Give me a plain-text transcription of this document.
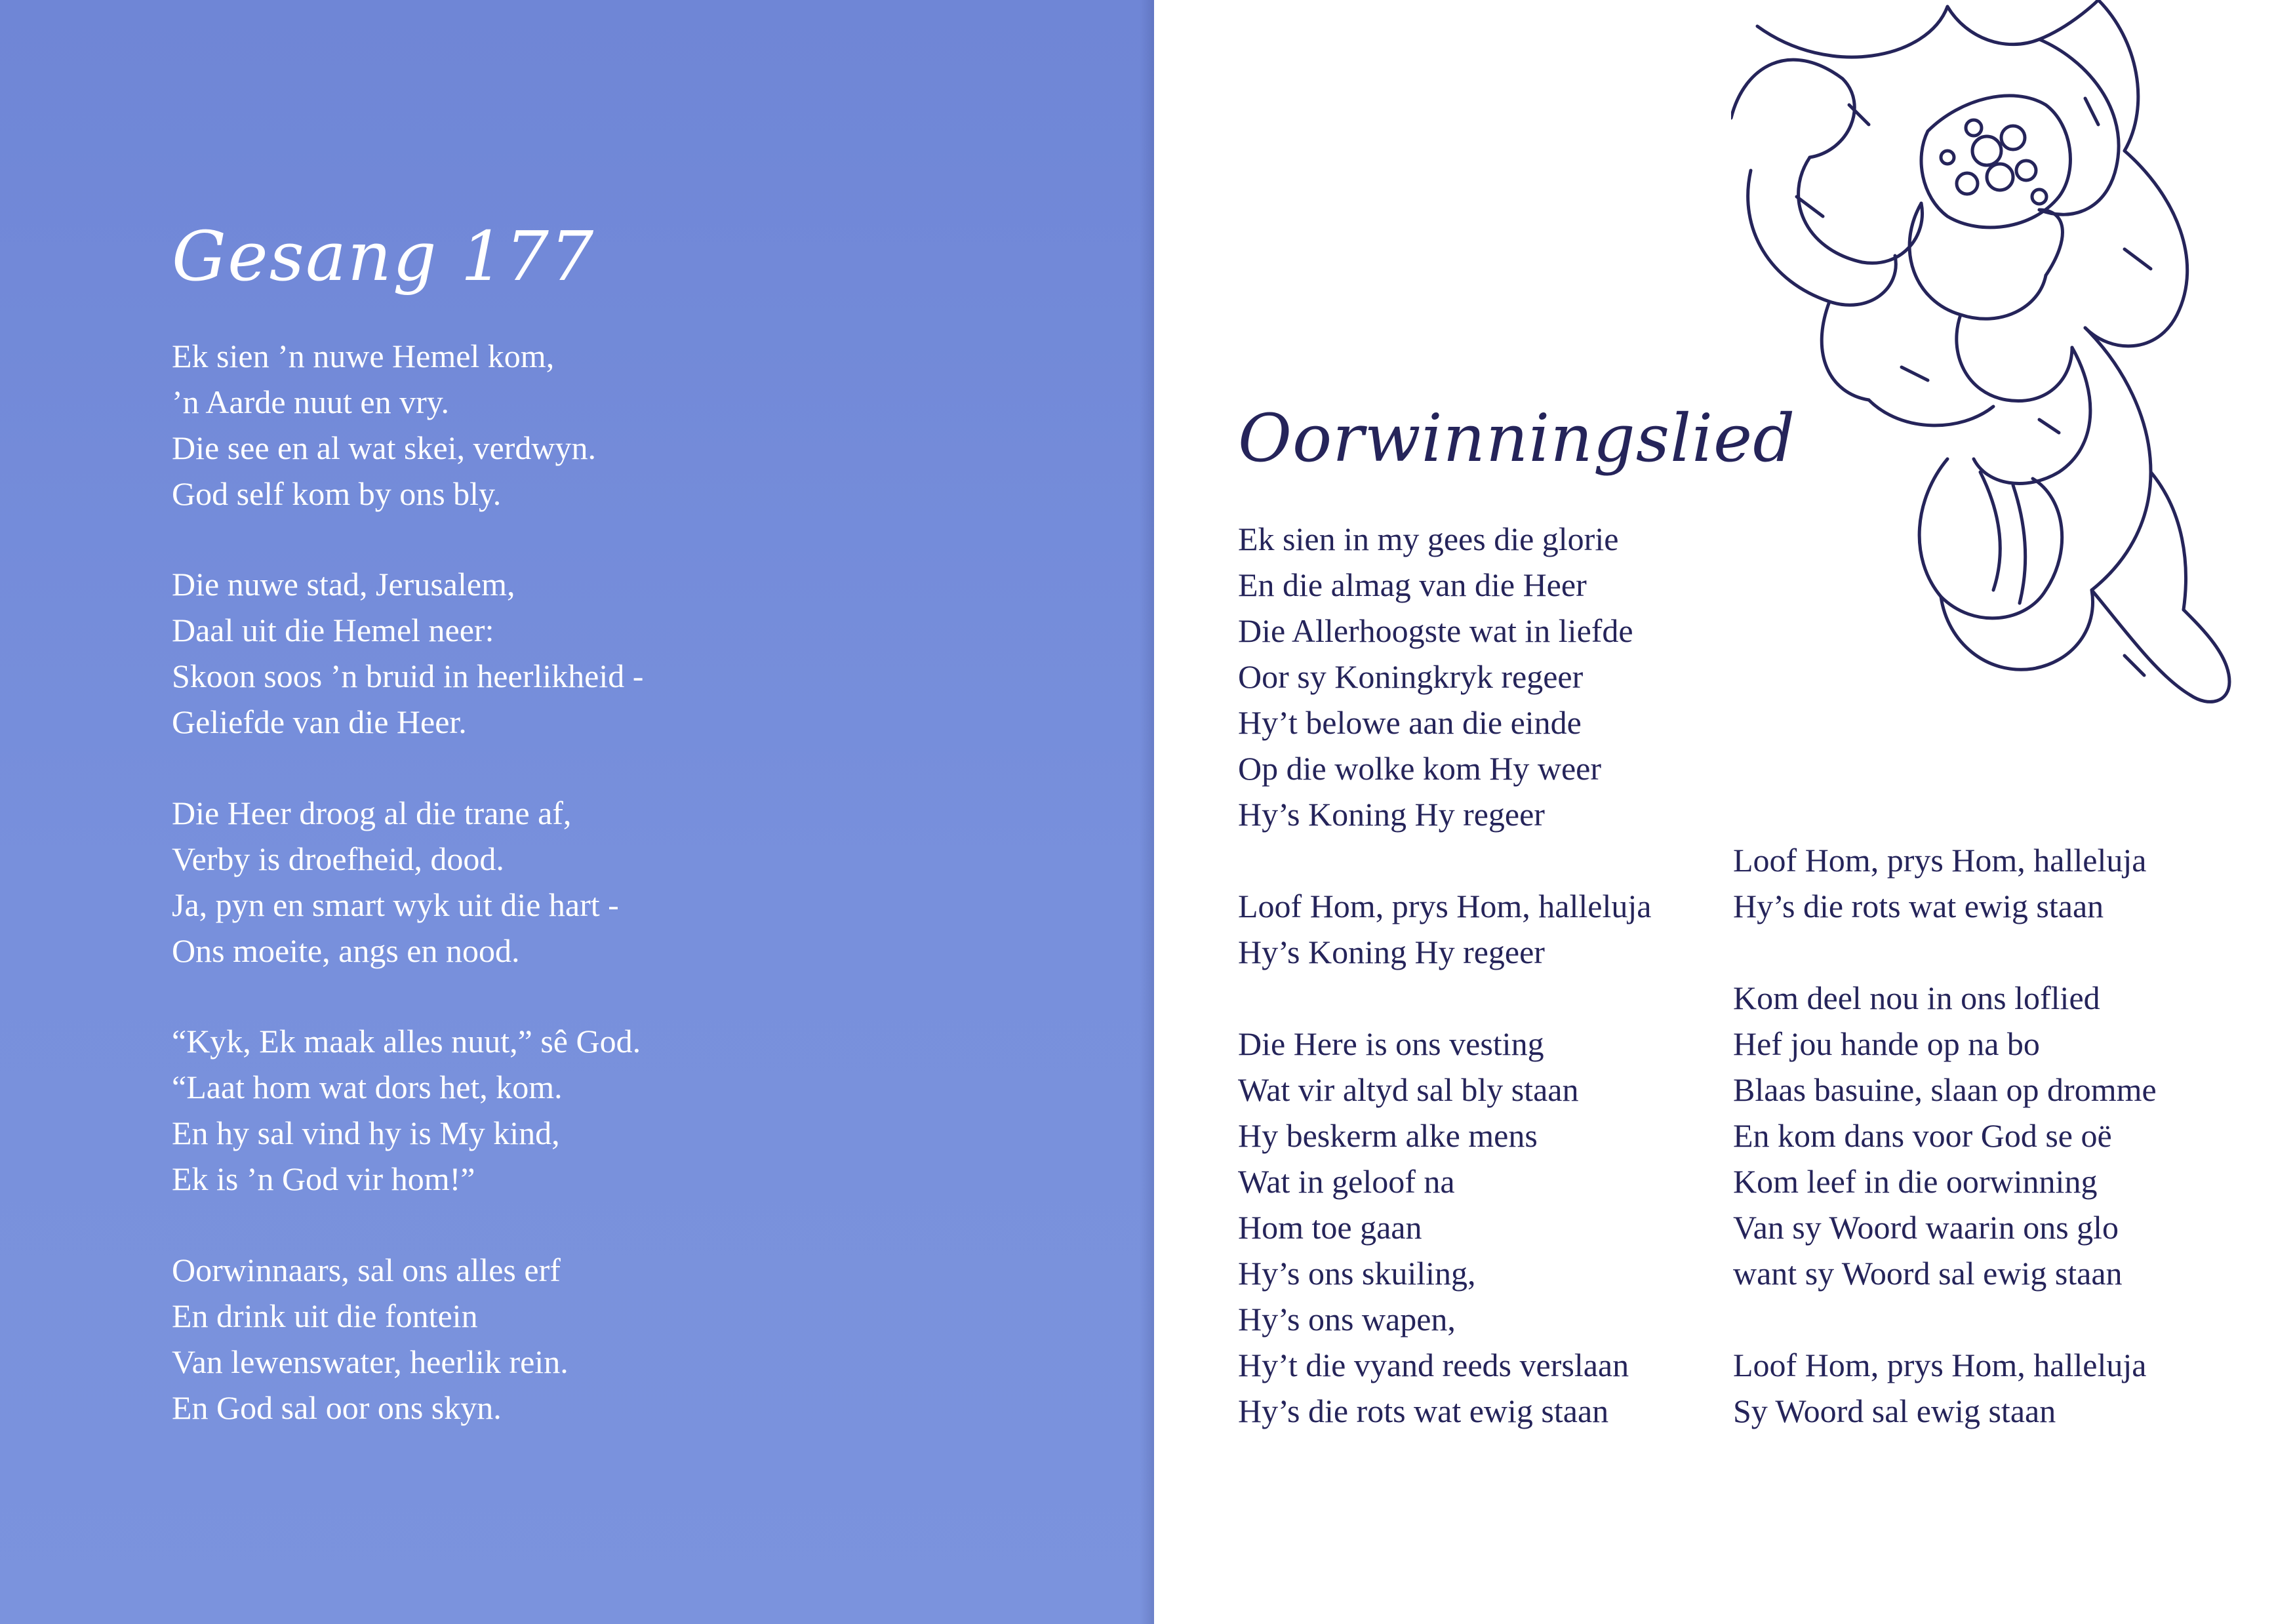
Gesang 177
Ek sien ’n nuwe Hemel kom,
’n Aarde nuut en vry.
Die see en al wat skei, verdwyn.
God self kom by ons bly.
Die nuwe stad, Jerusalem,
Daal uit die Hemel neer:
Skoon soos ’n bruid in heerlikheid -
Geliefde van die Heer.
Die Heer droog al die trane af,
Verby is droefheid, dood.
Ja, pyn en smart wyk uit die hart -
Ons moeite, angs en nood.
“Kyk, Ek maak alles nuut,” sê God.
“Laat hom wat dors het, kom.
En hy sal vind hy is My kind,
Ek is ’n God vir hom!”
Oorwinnaars, sal ons alles erf
En drink uit die fontein
Van lewenswater, heerlik rein.
En God sal oor ons skyn.
Oorwinningslied
Ek sien in my gees die glorie
En die almag van die Heer
Die Allerhoogste wat in liefde
Oor sy Koningkryk regeer
Hy’t belowe aan die einde
Op die wolke kom Hy weer
Hy’s Koning Hy regeer
Loof Hom, prys Hom, halleluja
Hy’s Koning Hy regeer
Die Here is ons vesting
Wat vir altyd sal bly staan
Hy beskerm alke mens
Wat in geloof na
Hom toe gaan
Hy’s ons skuiling,
Hy’s ons wapen,
Hy’t die vyand reeds verslaan
Hy’s die rots wat ewig staan
Loof Hom, prys Hom, halleluja
Hy’s die rots wat ewig staan
Kom deel nou in ons loflied
Hef jou hande op na bo
Blaas basuine, slaan op dromme
En kom dans voor God se oë
Kom leef in die oorwinning
Van sy Woord waarin ons glo
want sy Woord sal ewig staan
Loof Hom, prys Hom, halleluja
Sy Woord sal ewig staan
